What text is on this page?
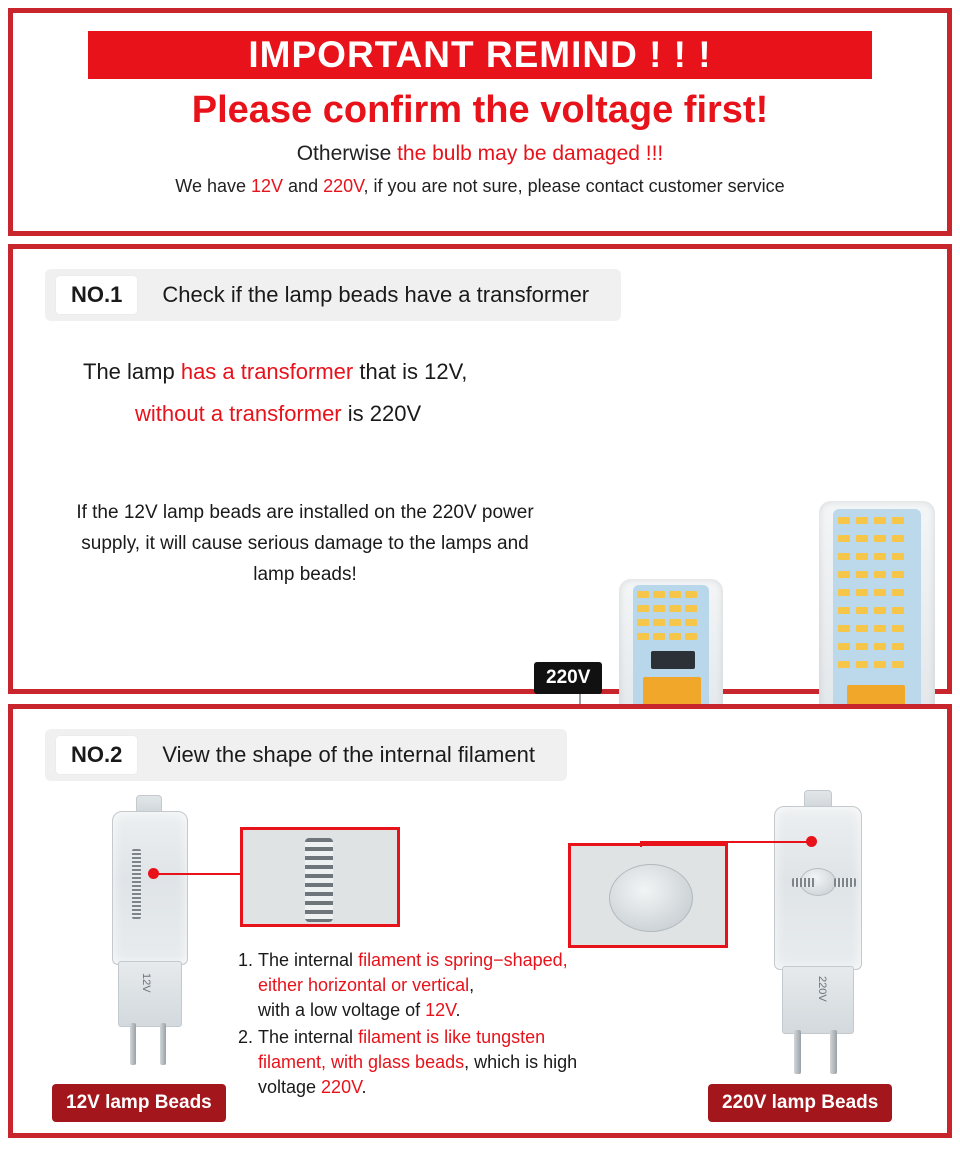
IMPORTANT REMIND ! ! !
Please confirm the voltage first!
Otherwise the bulb may be damaged !!!
We have 12V and 220V, if you are not sure, please contact customer service
NO.1	Check if the lamp beads have a transformer
The lamp has a transformer that is 12V,
without a transformer is 220V
If the 12V lamp beads are installed on the 220V power supply, it will cause serious damage to the lamps and lamp beads!
220V
NO.2	View the shape of the internal filament
12V	220V
1. The internal filament is spring−shaped,
either horizontal or vertical,
with a low voltage of 12V.
2. The internal filament is like tungsten
filament, with glass beads, which is high
voltage 220V.
12V lamp Beads	220V lamp Beads
